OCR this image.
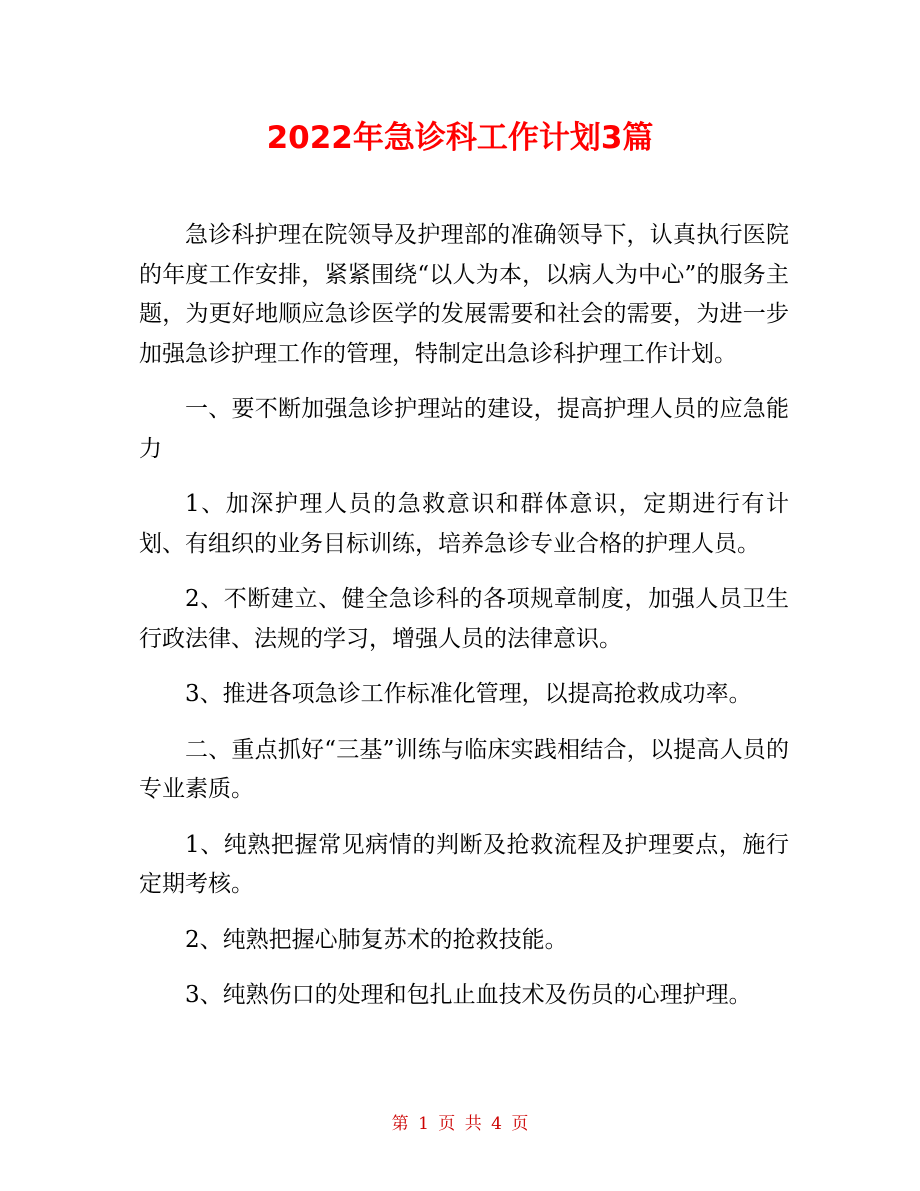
2022年急诊科工作计划3篇

急诊科护理在院领导及护理部的准确领导下，认真执行医院的年度工作安排，紧紧围绕“以人为本，以病人为中心”的服务主题，为更好地顺应急诊医学的发展需要和社会的需要，为进一步加强急诊护理工作的管理，特制定出急诊科护理工作计划。

一、要不断加强急诊护理站的建设，提高护理人员的应急能力

1、加深护理人员的急救意识和群体意识，定期进行有计划、有组织的业务目标训练，培养急诊专业合格的护理人员。

2、不断建立、健全急诊科的各项规章制度，加强人员卫生行政法律、法规的学习，增强人员的法律意识。

3、推进各项急诊工作标准化管理，以提高抢救成功率。

二、重点抓好“三基”训练与临床实践相结合，以提高人员的专业素质。

1、纯熟把握常见病情的判断及抢救流程及护理要点，施行定期考核。

2、纯熟把握心肺复苏术的抢救技能。

3、纯熟伤口的处理和包扎止血技术及伤员的心理护理。

第 1 页 共 4 页
